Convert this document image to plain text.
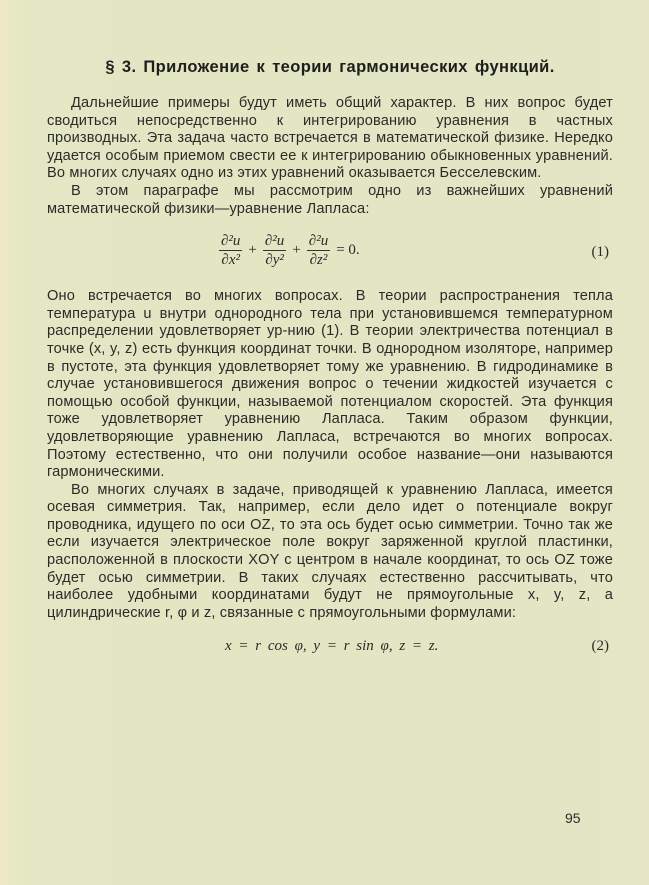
§ 3. Приложение к теории гармонических функций.

Дальнейшие примеры будут иметь общий характер. В них вопрос будет сводиться непосредственно к интегрированию уравнения в частных производных. Эта задача часто встречается в математической физике. Нередко удается особым приемом свести ее к интегрированию обыкновенных уравнений. Во многих случаях одно из этих уравнений оказывается Бесселевским.

В этом параграфе мы рассмотрим одно из важнейших уравнений математической физики—уравнение Лапласа:

$\frac{\text{∂²u}}{\text{∂x²}} + \frac{\text{∂²u}}{\text{∂y²}} + \frac{\text{∂²u}}{\text{∂z²}} = 0$.	(1)

Оно встречается во многих вопросах. В теории распространения тепла температура u внутри однородного тела при установившемся температурном распределении удовлетворяет ур-нию (1). В теории электричества потенциал в точке (x, y, z) есть функция координат точки. В однородном изоляторе, например в пустоте, эта функция удовлетворяет тому же уравнению. В гидродинамике в случае установившегося движения вопрос о течении жидкостей изучается с помощью особой функции, называемой потенциалом скоростей. Эта функция тоже удовлетворяет уравнению Лапласа. Таким образом функции, удовлетворяющие уравнению Лапласа, встречаются во многих вопросах. Поэтому естественно, что они получили особое название—они называются гармоническими.

Во многих случаях в задаче, приводящей к уравнению Лапласа, имеется осевая симметрия. Так, например, если дело идет о потенциале вокруг проводника, идущего по оси OZ, то эта ось будет осью симметрии. Точно так же если изучается электрическое поле вокруг заряженной круглой пластинки, расположенной в плоскости XOY с центром в начале координат, то ось OZ тоже будет осью симметрии. В таких случаях естественно рассчитывать, что наиболее удобными координатами будут не прямоугольные x, y, z, а цилиндрические r, φ и z, связанные с прямоугольными формулами:

x = r cos φ, y = r sin φ, z = z.	(2)
95
